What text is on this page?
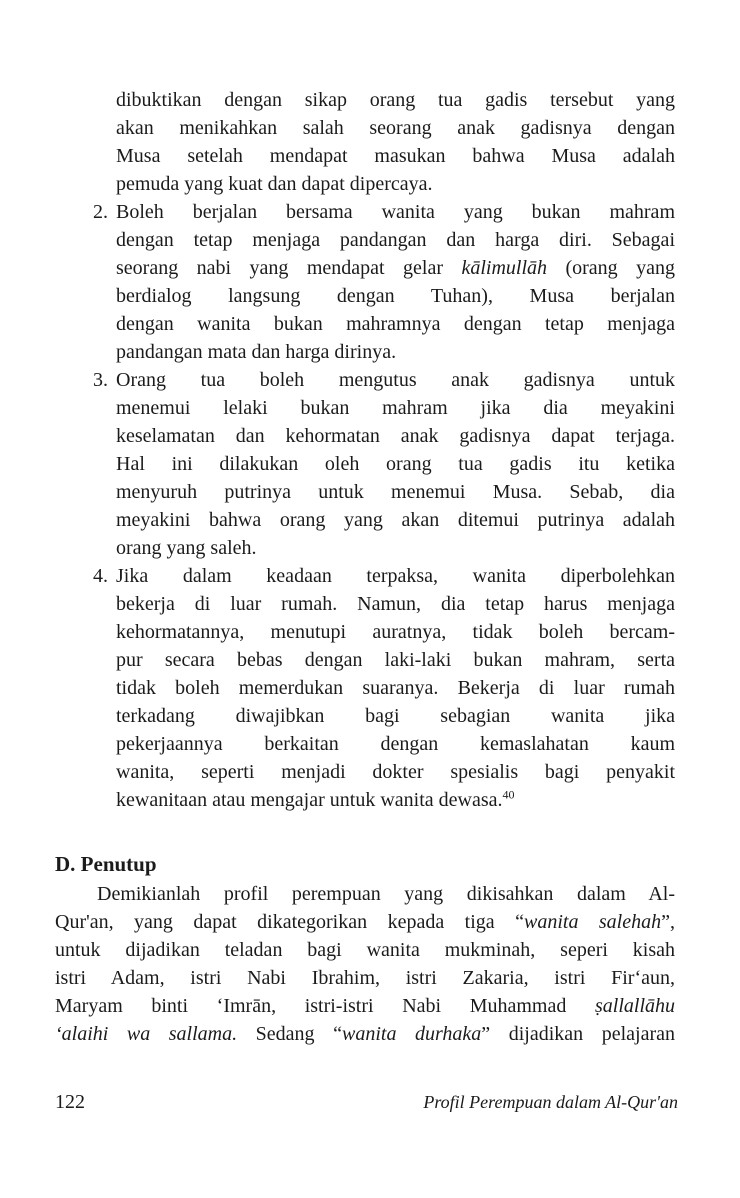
dibuktikan dengan sikap orang tua gadis tersebut yang
akan menikahkan salah seorang anak gadisnya dengan
Musa setelah mendapat masukan bahwa Musa adalah
pemuda yang kuat dan dapat dipercaya.
2. Boleh berjalan bersama wanita yang bukan mahram
dengan tetap menjaga pandangan dan harga diri. Sebagai
seorang nabi yang mendapat gelar kālimullāh (orang yang
berdialog langsung dengan Tuhan), Musa berjalan
dengan wanita bukan mahramnya dengan tetap menjaga
pandangan mata dan harga dirinya.
3. Orang tua boleh mengutus anak gadisnya untuk
menemui lelaki bukan mahram jika dia meyakini
keselamatan dan kehormatan anak gadisnya dapat terjaga.
Hal ini dilakukan oleh orang tua gadis itu ketika
menyuruh putrinya untuk menemui Musa. Sebab, dia
meyakini bahwa orang yang akan ditemui putrinya adalah
orang yang saleh.
4. Jika dalam keadaan terpaksa, wanita diperbolehkan
bekerja di luar rumah. Namun, dia tetap harus menjaga
kehormatannya, menutupi auratnya, tidak boleh bercam-
pur secara bebas dengan laki-laki bukan mahram, serta
tidak boleh memerdukan suaranya. Bekerja di luar rumah
terkadang diwajibkan bagi sebagian wanita jika
pekerjaannya berkaitan dengan kemaslahatan kaum
wanita, seperti menjadi dokter spesialis bagi penyakit
kewanitaan atau mengajar untuk wanita dewasa.$^{40}$
D. Penutup
Demikianlah profil perempuan yang dikisahkan dalam Al-
Qur'an, yang dapat dikategorikan kepada tiga “wanita salehah”,
untuk dijadikan teladan bagi wanita mukminah, seperi kisah
istri Adam, istri Nabi Ibrahim, istri Zakaria, istri Fir‘aun,
Maryam binti ‘Imrān, istri-istri Nabi Muhammad ṣallallāhu
‘alaihi wa sallama. Sedang “wanita durhaka” dijadikan pelajaran
122	Profil Perempuan dalam Al-Qur'an
